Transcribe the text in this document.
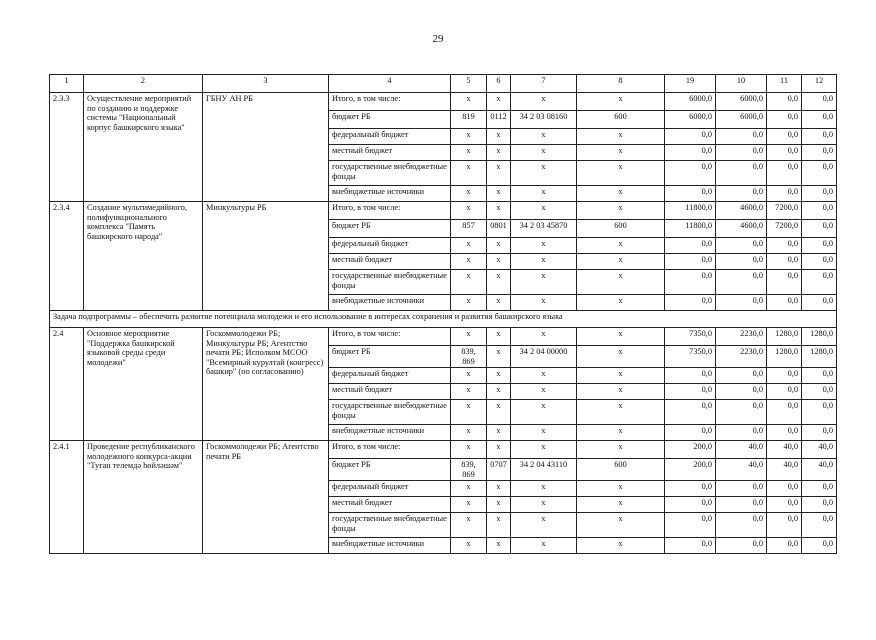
29
1	2	3	4	5	6	7	8	19	10	11	12
2.3.3	Осуществление мероприятий по созданию и поддержке системы "Национальный корпус башкирского языка"	ГБНУ АН РБ	Итого, в том числе:	x	x	x	x	6000,0	6000,0	0,0	0,0
			бюджет РБ	819	0112	34 2 03 08160	600	6000,0	6000,0	0,0	0,0
			федеральный бюджет	x	x	x	x	0,0	0,0	0,0	0,0
			местный бюджет	x	x	x	x	0,0	0,0	0,0	0,0
			государственные внебюджетные фонды	x	x	x	x	0,0	0,0	0,0	0,0
			внебюджетные источники	x	x	x	x	0,0	0,0	0,0	0,0
2.3.4	Создание мультимедийного, полифункционального комплекса "Память башкирского народа"	Минкультуры РБ	Итого, в том числе:	x	x	x	x	11800,0	4600,0	7200,0	0,0
			бюджет РБ	857	0801	34 2 03 45870	600	11800,0	4600,0	7200,0	0,0
			федеральный бюджет	x	x	x	x	0,0	0,0	0,0	0,0
			местный бюджет	x	x	x	x	0,0	0,0	0,0	0,0
			государственные внебюджетные фонды	x	x	x	x	0,0	0,0	0,0	0,0
			внебюджетные источники	x	x	x	x	0,0	0,0	0,0	0,0
Задача подпрограммы – обеспечить развитие потенциала молодежи и его использование в интересах сохранения и развития башкирского языка											
2.4	Основное мероприятие "Поддержка башкирской языковой среды среди молодежи"	Госкоммолодежи РБ; Минкультуры РБ; Агентство печати РБ; Исполком МСОО "Всемирный курултай (конгресс) башкир" (по согласованию)	Итого, в том числе:	x	x	x	x	7350,0	2230,0	1280,0	1280,0
			бюджет РБ	839, 869	x	34 2 04 00000	x	7350,0	2230,0	1280,0	1280,0
			федеральный бюджет	x	x	x	x	0,0	0,0	0,0	0,0
			местный бюджет	x	x	x	x	0,0	0,0	0,0	0,0
			государственные внебюджетные фонды	x	x	x	x	0,0	0,0	0,0	0,0
			внебюджетные источники	x	x	x	x	0,0	0,0	0,0	0,0
2.4.1	Проведение республиканского молодежного конкурса-акции "Туған телемдә һөйләшәм"	Госкоммолодежи РБ; Агентство печати РБ	Итого, в том числе:	x	x	x	x	200,0	40,0	40,0	40,0
			бюджет РБ	839, 869	0707	34 2 04 43110	600	200,0	40,0	40,0	40,0
			федеральный бюджет	x	x	x	x	0,0	0,0	0,0	0,0
			местный бюджет	x	x	x	x	0,0	0,0	0,0	0,0
			государственные внебюджетные фонды	x	x	x	x	0,0	0,0	0,0	0,0
			внебюджетные источники	x	x	x	x	0,0	0,0	0,0	0,0
